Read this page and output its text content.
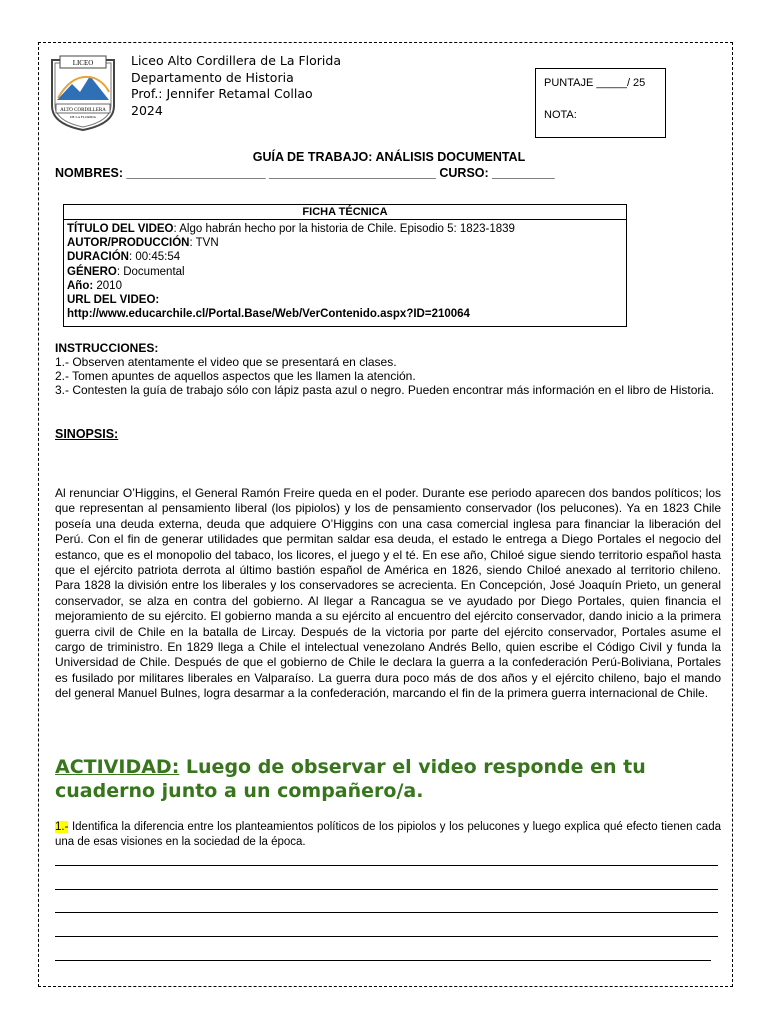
LICEO
ALTO CORDILLERA
DE LA FLORIDA
Liceo Alto Cordillera de La Florida
Departamento de Historia
Prof.: Jennifer Retamal Collao
2024
PUNTAJE _____/ 25
NOTA:
GUÍA DE TRABAJO: ANÁLISIS DOCUMENTAL
NOMBRES: ____________________ ________________________ CURSO: _________
FICHA TÉCNICA
TÍTULO DEL VIDEO: Algo habrán hecho por la historia de Chile. Episodio 5: 1823-1839
AUTOR/PRODUCCIÓN: TVN
DURACIÓN: 00:45:54
GÉNERO: Documental
Año: 2010
URL DEL VIDEO:
http://www.educarchile.cl/Portal.Base/Web/VerContenido.aspx?ID=210064
INSTRUCCIONES:
1.- Observen atentamente el video que se presentará en clases.
2.- Tomen apuntes de aquellos aspectos que les llamen la atención.
3.- Contesten la guía de trabajo sólo con lápiz pasta azul o negro. Pueden encontrar más información en el libro de Historia.
SINOPSIS:
Al renunciar O’Higgins, el General Ramón Freire queda en el poder. Durante ese periodo aparecen dos bandos políticos; los que representan al pensamiento liberal (los pipiolos) y los de pensamiento conservador (los pelucones). Ya en 1823 Chile poseía una deuda externa, deuda que adquiere O’Higgins con una casa comercial inglesa para financiar la liberación del Perú. Con el fin de generar utilidades que permitan saldar esa deuda, el estado le entrega a Diego Portales el negocio del estanco, que es el monopolio del tabaco, los licores, el juego y el té. En ese año, Chiloé sigue siendo territorio español hasta que el ejército patriota derrota al último bastión español de América en 1826, siendo Chiloé anexado al territorio chileno. Para 1828 la división entre los liberales y los conservadores se acrecienta. En Concepción, José Joaquín Prieto, un general conservador, se alza en contra del gobierno. Al llegar a Rancagua se ve ayudado por Diego Portales, quien financia el mejoramiento de su ejército. El gobierno manda a su ejército al encuentro del ejército conservador, dando inicio a la primera guerra civil de Chile en la batalla de Lircay. Después de la victoria por parte del ejército conservador, Portales asume el cargo de triministro. En 1829 llega a Chile el intelectual venezolano Andrés Bello, quien escribe el Código Civil y funda la Universidad de Chile. Después de que el gobierno de Chile le declara la guerra a la confederación Perú-Boliviana, Portales es fusilado por militares liberales en Valparaíso. La guerra dura poco más de dos años y el ejército chileno, bajo el mando del general Manuel Bulnes, logra desarmar a la confederación, marcando el fin de la primera guerra internacional de Chile.
ACTIVIDAD: Luego de observar el video responde en tu cuaderno junto a un compañero/a.
1.- Identifica la diferencia entre los planteamientos políticos de los pipiolos y los pelucones y luego explica qué efecto tienen cada una de esas visiones en la sociedad de la época.
